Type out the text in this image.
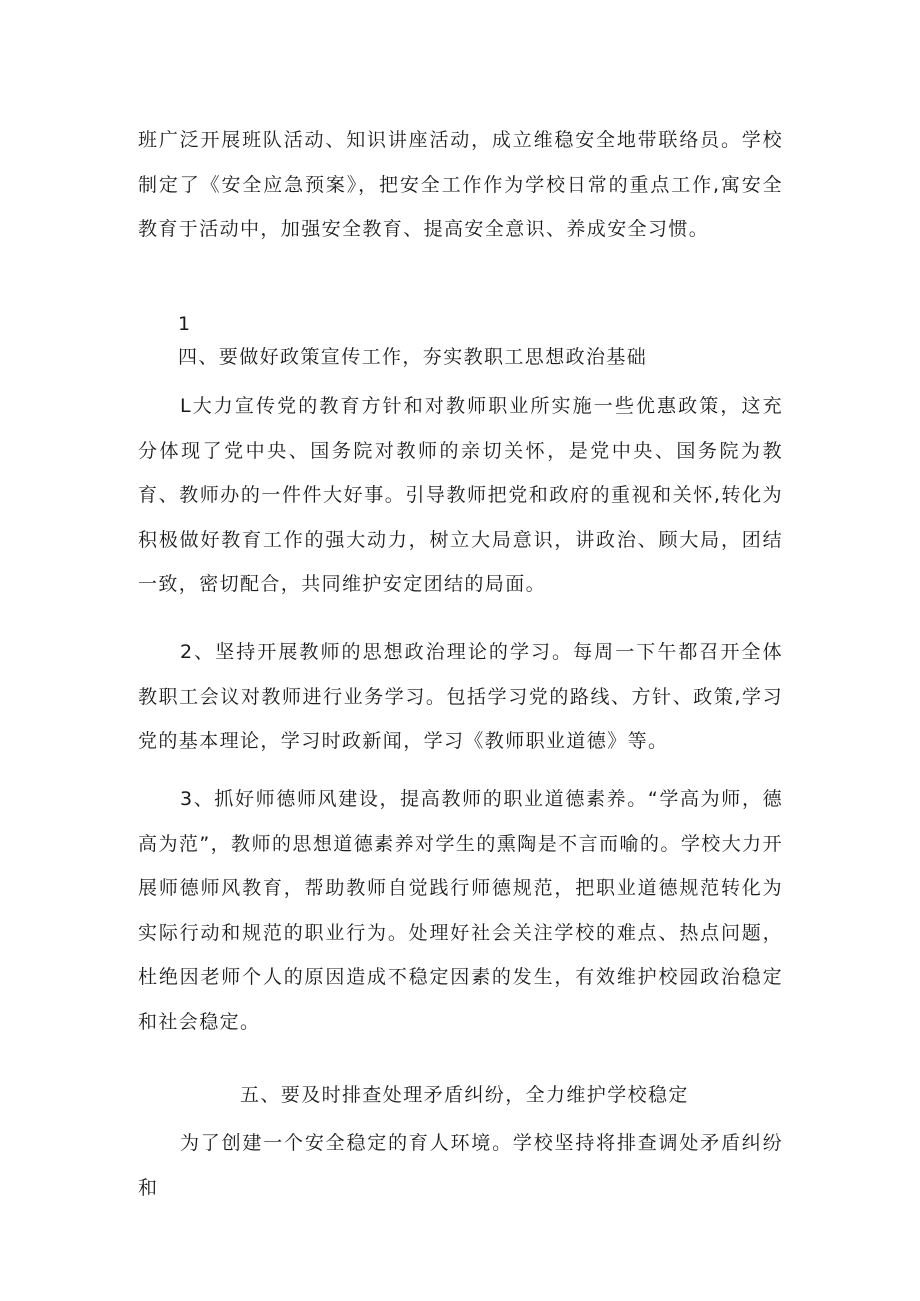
班广泛开展班队活动、知识讲座活动，成立维稳安全地带联络员。学校制定了《安全应急预案》，把安全工作作为学校日常的重点工作,寓安全教育于活动中，加强安全教育、提高安全意识、养成安全习惯。

1

四、要做好政策宣传工作，夯实教职工思想政治基础

L大力宣传党的教育方针和对教师职业所实施一些优惠政策，这充分体现了党中央、国务院对教师的亲切关怀，是党中央、国务院为教育、教师办的一件件大好事。引导教师把党和政府的重视和关怀,转化为积极做好教育工作的强大动力，树立大局意识，讲政治、顾大局，团结一致，密切配合，共同维护安定团结的局面。

2、坚持开展教师的思想政治理论的学习。每周一下午都召开全体教职工会议对教师进行业务学习。包括学习党的路线、方针、政策,学习党的基本理论，学习时政新闻，学习《教师职业道德》等。

3、抓好师德师风建设，提高教师的职业道德素养。“学高为师，德高为范”，教师的思想道德素养对学生的熏陶是不言而喻的。学校大力开展师德师风教育，帮助教师自觉践行师德规范，把职业道德规范转化为实际行动和规范的职业行为。处理好社会关注学校的难点、热点问题，杜绝因老师个人的原因造成不稳定因素的发生，有效维护校园政治稳定和社会稳定。

五、要及时排查处理矛盾纠纷，全力维护学校稳定

为了创建一个安全稳定的育人环境。学校坚持将排查调处矛盾纠纷和
